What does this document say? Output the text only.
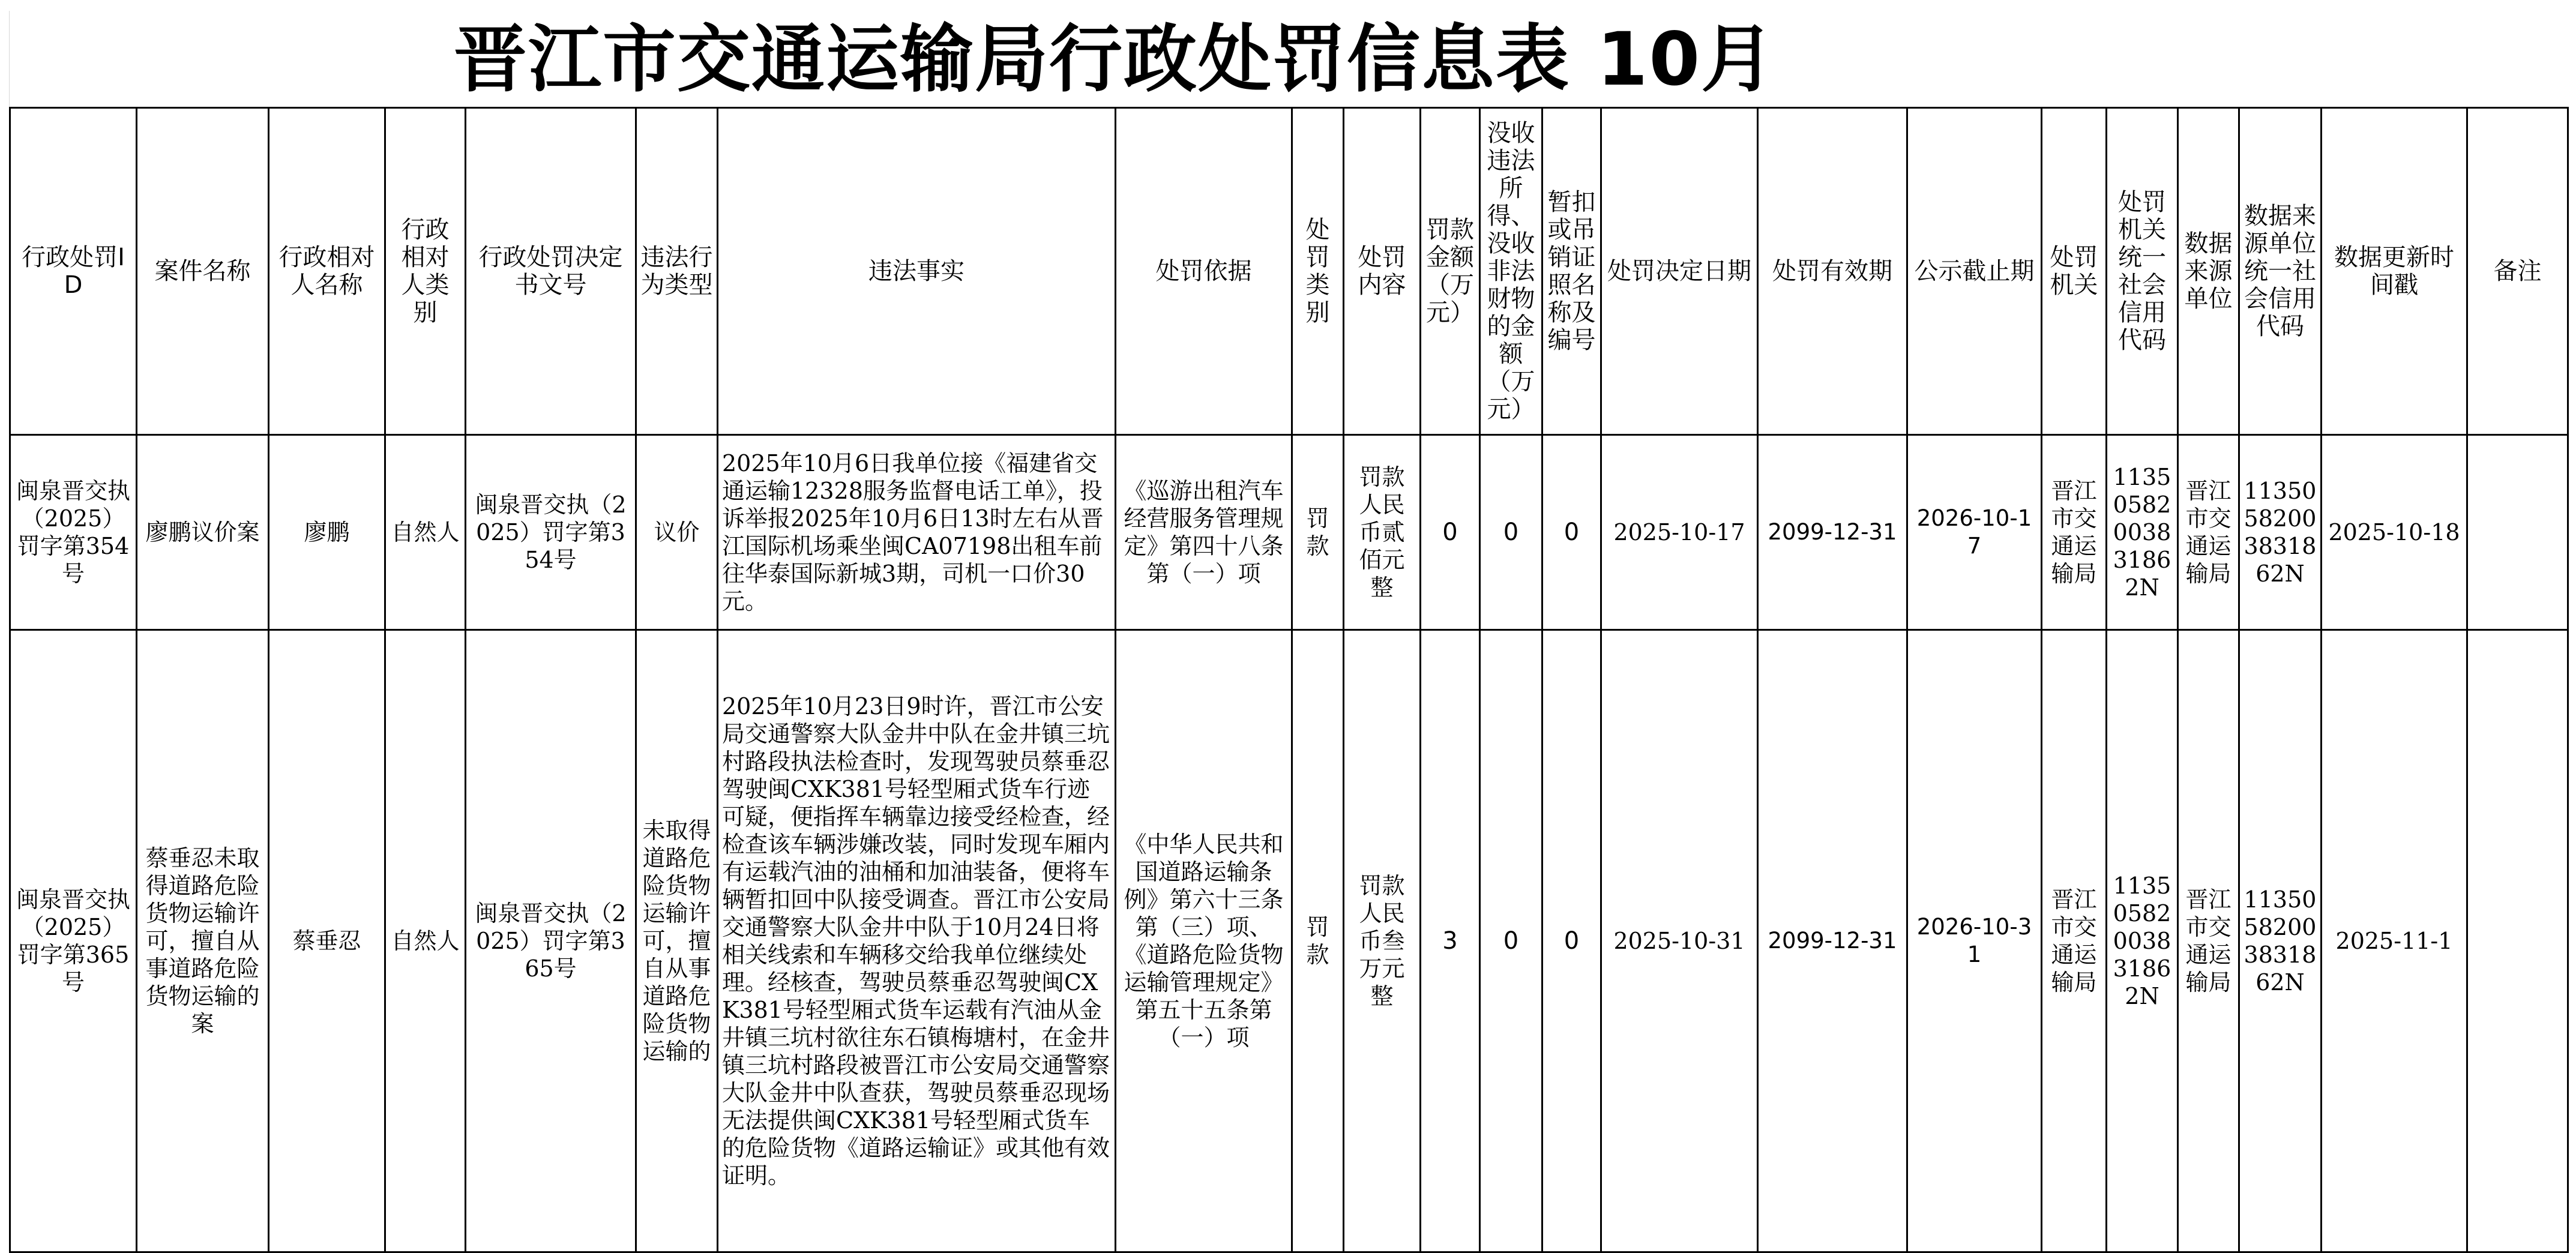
晋江市交通运输局行政处罚信息表 10月
行政处罚ID	案件名称	行政相对人名称	行政相对人类别	行政处罚决定书文号	违法行为类型	违法事实	处罚依据	处罚类别	处罚内容	罚款金额（万元）	没收违法所得、没收非法财物的金额（万元）	暂扣或吊销证照名称及编号	处罚决定日期	处罚有效期	公示截止期	处罚机关	处罚机关统一社会信用代码	数据来源单位	数据来源单位统一社会信用代码	数据更新时间戳	备注
闽泉晋交执（2025）罚字第354号	廖鹏议价案	廖鹏	自然人	闽泉晋交执（2025）罚字第354号	议价	2025年10月6日我单位接《福建省交通运输12328服务监督电话工单》，投诉举报2025年10月6日13时左右从晋江国际机场乘坐闽CA07198出租车前往华泰国际新城3期，司机一口价30元。	《巡游出租汽车经营服务管理规定》第四十八条第（一）项	罚款	罚款人民币贰佰元整	0	0	0	2025-10-17	2099-12-31	2026-10-17	晋江市交通运输局	11350582003831862N	晋江市交通运输局	11350582003831862N	2025-10-18	
闽泉晋交执（2025）罚字第365号	蔡垂忍未取得道路危险货物运输许可，擅自从事道路危险货物运输的案	蔡垂忍	自然人	闽泉晋交执（2025）罚字第365号	未取得道路危险货物运输许可，擅自从事道路危险货物运输的	2025年10月23日9时许，晋江市公安局交通警察大队金井中队在金井镇三坑村路段执法检查时，发现驾驶员蔡垂忍驾驶闽CXK381号轻型厢式货车行迹可疑，便指挥车辆靠边接受经检查，经检查该车辆涉嫌改装，同时发现车厢内有运载汽油的油桶和加油装备，便将车辆暂扣回中队接受调查。晋江市公安局交通警察大队金井中队于10月24日将相关线索和车辆移交给我单位继续处理。经核查，驾驶员蔡垂忍驾驶闽CXK381号轻型厢式货车运载有汽油从金井镇三坑村欲往东石镇梅塘村，在金井镇三坑村路段被晋江市公安局交通警察大队金井中队查获，驾驶员蔡垂忍现场无法提供闽CXK381号轻型厢式货车的危险货物《道路运输证》或其他有效证明。	《中华人民共和国道路运输条例》第六十三条第（三）项、《道路危险货物运输管理规定》第五十五条第（一）项	罚款	罚款人民币叁万元整	3	0	0	2025-10-31	2099-12-31	2026-10-31	晋江市交通运输局	11350582003831862N	晋江市交通运输局	11350582003831862N	2025-11-1	
